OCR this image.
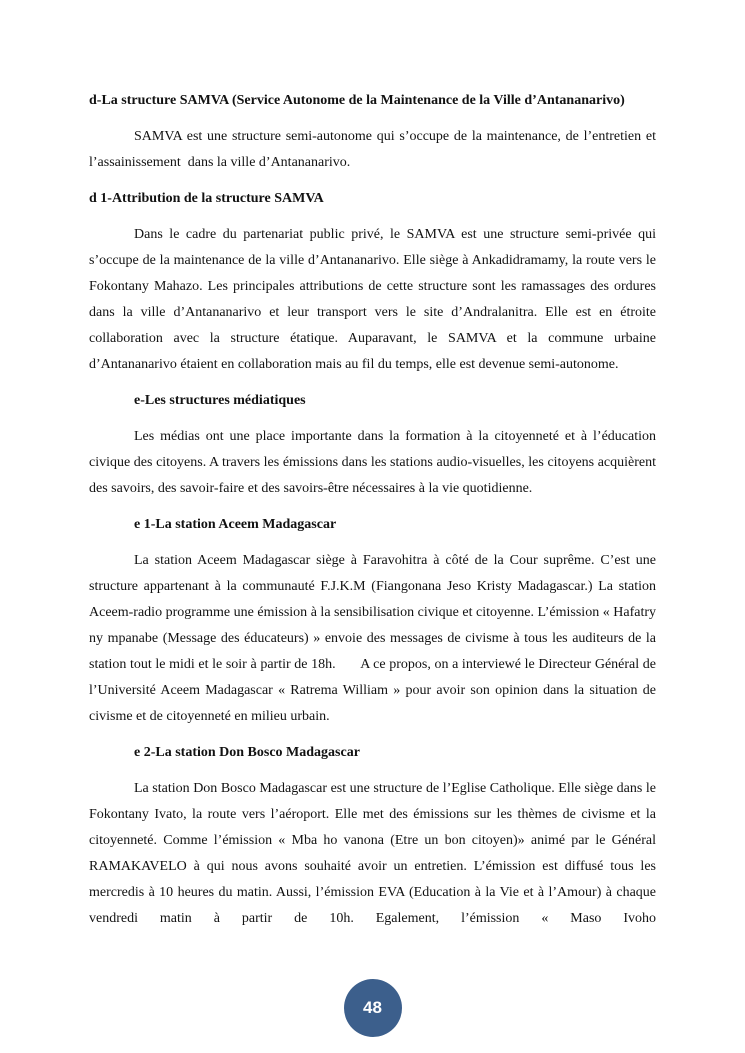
d-La structure SAMVA (Service Autonome de la Maintenance de la Ville d’Antananarivo)

SAMVA est une structure semi-autonome qui s’occupe de la maintenance, de l’entretien et l’assainissement  dans la ville d’Antananarivo.

d 1-Attribution de la structure SAMVA

Dans le cadre du partenariat public privé, le SAMVA est une structure semi-privée qui s’occupe de la maintenance de la ville d’Antananarivo. Elle siège à Ankadidramamy, la route vers le Fokontany Mahazo. Les principales attributions de cette structure sont les ramassages des ordures dans la ville d’Antananarivo et leur transport vers le site d’Andralanitra. Elle est en étroite collaboration avec la structure étatique. Auparavant, le SAMVA et la commune urbaine d’Antananarivo étaient en collaboration mais au fil du temps, elle est devenue semi-autonome.

e-Les structures médiatiques

Les médias ont une place importante dans la formation à la citoyenneté et à l’éducation civique des citoyens. A travers les émissions dans les stations audio-visuelles, les citoyens acquièrent des savoirs, des savoir-faire et des savoirs-être nécessaires à la vie quotidienne.

e 1-La station Aceem Madagascar

La station Aceem Madagascar siège à Faravohitra à côté de la Cour suprême. C’est une structure appartenant à la communauté F.J.K.M (Fiangonana Jeso Kristy Madagascar.) La station Aceem-radio programme une émission à la sensibilisation civique et citoyenne. L’émission « Hafatry ny mpanabe (Message des éducateurs) » envoie des messages de civisme à tous les auditeurs de la station tout le midi et le soir à partir de 18h.       A ce propos, on a interviewé le Directeur Général de l’Université Aceem Madagascar « Ratrema William » pour avoir son opinion dans la situation de civisme et de citoyenneté en milieu urbain.

e 2-La station Don Bosco Madagascar

La station Don Bosco Madagascar est une structure de l’Eglise Catholique. Elle siège dans le Fokontany Ivato, la route vers l’aéroport. Elle met des émissions sur les thèmes de civisme et la citoyenneté. Comme l’émission « Mba ho vanona (Etre un bon citoyen)» animé par le Général RAMAKAVELO à qui nous avons souhaité avoir un entretien. L’émission est diffusé tous les mercredis à 10 heures du matin. Aussi, l’émission EVA (Education à la Vie et à l’Amour) à chaque vendredi matin à partir de 10h. Egalement, l’émission « Maso Ivoho

48
